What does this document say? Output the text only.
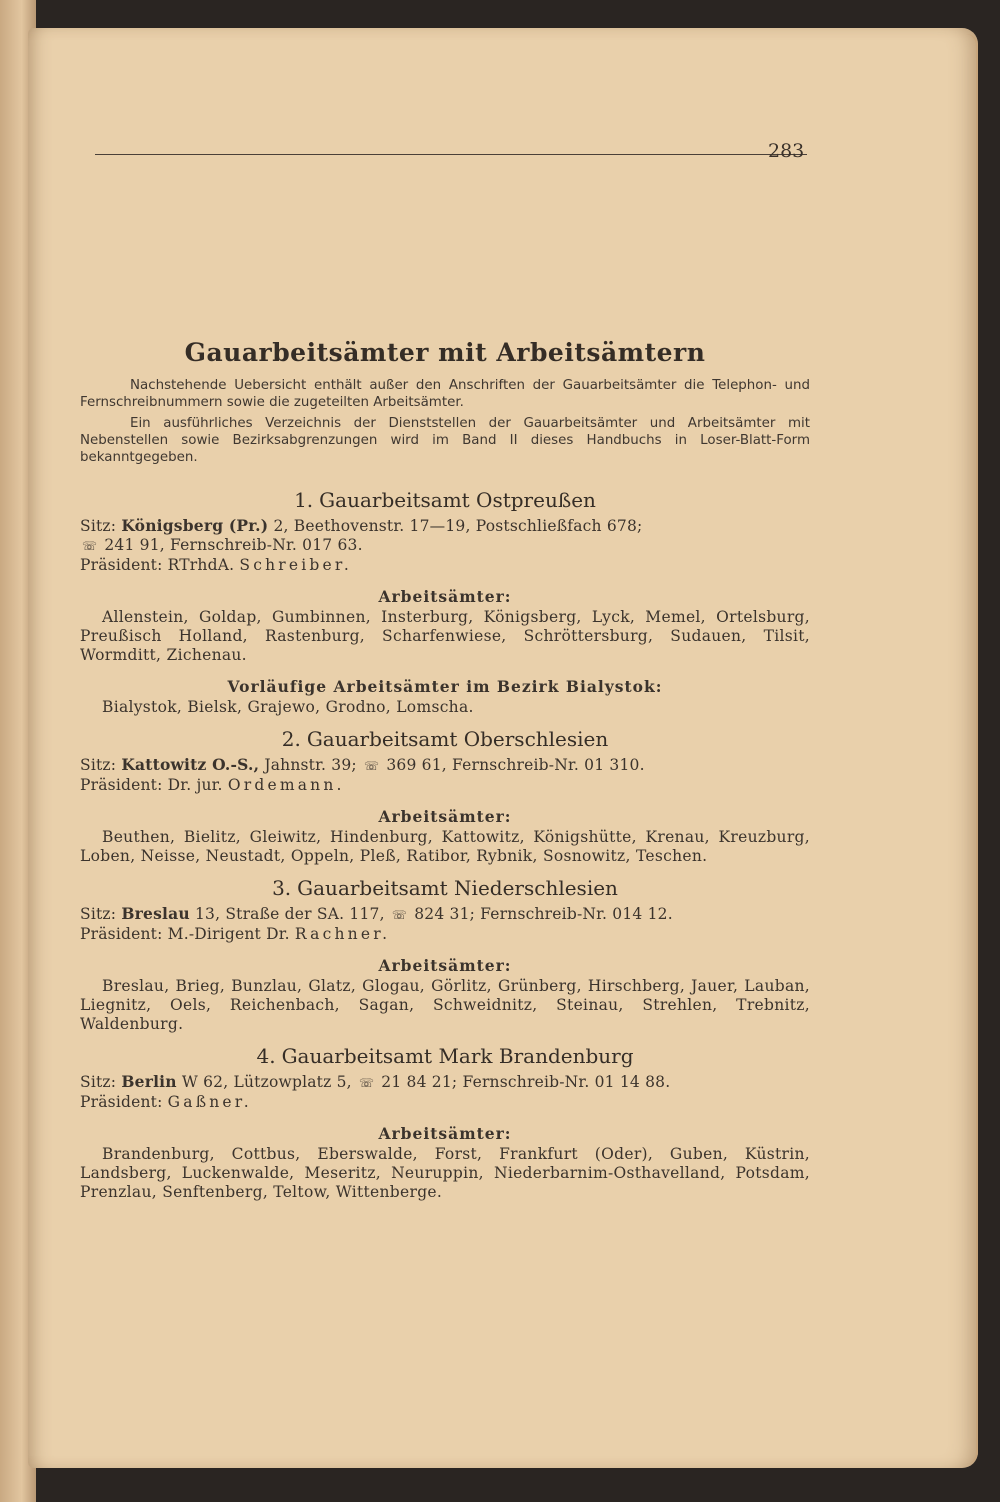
283
Gauarbeitsämter mit Arbeitsämtern

Nachstehende Uebersicht enthält außer den Anschriften der Gauarbeitsämter die Telephon- und Fernschreibnummern sowie die zugeteilten Arbeitsämter.

Ein ausführliches Verzeichnis der Dienststellen der Gauarbeitsämter und Arbeitsämter mit Nebenstellen sowie Bezirksabgrenzungen wird im Band II dieses Handbuchs in Loser-Blatt-Form bekanntgegeben.

1. Gauarbeitsamt Ostpreußen

Sitz: Königsberg (Pr.) 2, Beethovenstr. 17—19, Postschließfach 678;
☏ 241 91, Fernschreib-Nr. 017 63.

Präsident: RTrhdA. Schreiber.

Arbeitsämter:

Allenstein, Goldap, Gumbinnen, Insterburg, Königsberg, Lyck, Memel, Ortelsburg, Preußisch Holland, Rastenburg, Scharfenwiese, Schröttersburg, Sudauen, Tilsit, Wormditt, Zichenau.

Vorläufige Arbeitsämter im Bezirk Bialystok:

Bialystok, Bielsk, Grajewo, Grodno, Lomscha.

2. Gauarbeitsamt Oberschlesien

Sitz: Kattowitz O.-S., Jahnstr. 39; ☏ 369 61, Fernschreib-Nr. 01 310.

Präsident: Dr. jur. Ordemann.

Arbeitsämter:

Beuthen, Bielitz, Gleiwitz, Hindenburg, Kattowitz, Königshütte, Krenau, Kreuzburg, Loben, Neisse, Neustadt, Oppeln, Pleß, Ratibor, Rybnik, Sosnowitz, Teschen.

3. Gauarbeitsamt Niederschlesien

Sitz: Breslau 13, Straße der SA. 117, ☏ 824 31; Fernschreib-Nr. 014 12.

Präsident: M.-Dirigent Dr. Rachner.

Arbeitsämter:

Breslau, Brieg, Bunzlau, Glatz, Glogau, Görlitz, Grünberg, Hirschberg, Jauer, Lauban, Liegnitz, Oels, Reichenbach, Sagan, Schweidnitz, Steinau, Strehlen, Trebnitz, Waldenburg.

4. Gauarbeitsamt Mark Brandenburg

Sitz: Berlin W 62, Lützowplatz 5, ☏ 21 84 21; Fernschreib-Nr. 01 14 88.

Präsident: Gaßner.

Arbeitsämter:

Brandenburg, Cottbus, Eberswalde, Forst, Frankfurt (Oder), Guben, Küstrin, Landsberg, Luckenwalde, Meseritz, Neuruppin, Niederbarnim-Osthavelland, Potsdam, Prenzlau, Senftenberg, Teltow, Wittenberge.
